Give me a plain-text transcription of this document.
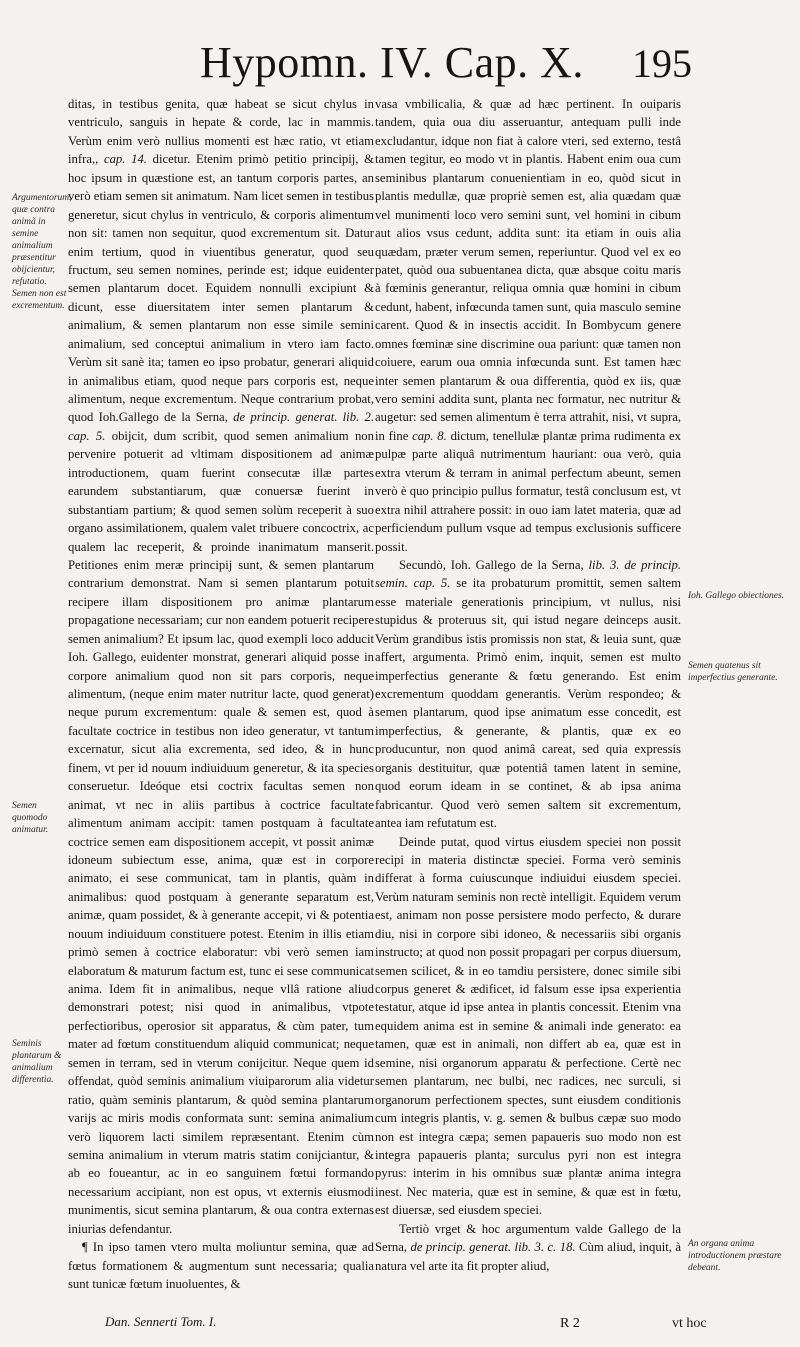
Hypomn. IV. Cap. X. 195

ditas, in testibus genita, quæ habeat se sicut chylus in ventriculo, sanguis in hepate & corde, lac in mammis. Verùm enim verò nullius momenti est hæc ratio, vt etiam infra,, cap. 14. dicetur. Etenim primò petitio principij, & hoc ipsum in quæstione est, an tantum corporis partes, an verò etiam semen sit animatum. Nam licet semen in testibus generetur, sicut chylus in ventriculo, & corporis alimentum non sit: tamen non sequitur, quod excrementum sit. Datur enim tertium, quod in viuentibus generatur, quod seu fructum, seu semen nomines, perinde est; idque euidenter semen plantarum docet. Equidem nonnulli excipiunt & dicunt, esse diuersitatem inter semen plantarum & animalium, & semen plantarum non esse simile semini animalium, sed conceptui animalium in vtero iam facto. Verùm sit sanè ita; tamen eo ipso probatur, generari aliquid in animalibus etiam, quod neque pars corporis est, neque alimentum, neque excrementum. Neque contrarium probat, quod Ioh.Gallego de la Serna, de princip. generat. lib. 2. cap. 5. obijcit, dum scribit, quod semen animalium non pervenire potuerit ad vltimam dispositionem ad animæ introductionem, quam fuerint consecutæ illæ partes earundem substantiarum, quæ conuersæ fuerint in substantiam partium; & quod semen solùm receperit à suo organo assimilationem, qualem valet tribuere concoctrix, ac qualem lac receperit, & proinde inanimatum manserit. Petitiones enim meræ principij sunt, & semen plantarum contrarium demonstrat. Nam si semen plantarum potuit recipere illam dispositionem pro animæ plantarum propagatione necessariam; cur non eandem potuerit recipere semen animalium? Et ipsum lac, quod exempli loco adducit Ioh. Gallego, euidenter monstrat, generari aliquid posse in corpore animalium quod non sit pars corporis, neque alimentum, (neque enim mater nutritur lacte, quod generat) neque purum excrementum: quale & semen est, quod à facultate coctrice in testibus non ideo generatur, vt tantum excernatur, sicut alia excrementa, sed ideo, & in hunc finem, vt per id nouum indiuiduum generetur, & ita species conseruetur. Ideóque etsi coctrix facultas semen non animat, vt nec in aliis partibus à coctrice facultate alimentum animam accipit: tamen postquam à facultate coctrice semen eam dispositionem accepit, vt possit animæ idoneum subiectum esse, anima, quæ est in corpore animato, ei sese communicat, tam in plantis, quàm in animalibus: quod postquam à generante separatum est, animæ, quam possidet, & à generante accepit, vi & potentia nouum indiuiduum constituere potest. Etenim in illis etiam primò semen à coctrice elaboratur: vbi verò semen iam elaboratum & maturum factum est, tunc ei sese communicat anima. Idem fit in animalibus, neque vllâ ratione aliud demonstrari potest; nisi quod in animalibus, vtpote perfectioribus, operosior sit apparatus, & cùm pater, tum mater ad fœtum constituendum aliquid communicat; neque semen in terram, sed in vterum conijcitur. Neque quem id offendat, quòd seminis animalium viuiparorum alia videtur ratio, quàm seminis plantarum, & quòd semina plantarum varijs ac miris modis conformata sunt: semina animalium verò liquorem lacti similem repræsentant. Etenim cùm semina animalium in vterum matris statim conijciantur, & ab eo foueantur, ac in eo sanguinem fœtui formando necessarium accipiant, non est opus, vt externis eiusmodi munimentis, sicut semina plantarum, & oua contra externas iniurias defendantur.

¶ In ipso tamen vtero multa moliuntur semina, quæ ad fœtus formationem & augmentum sunt necessaria; qualia sunt tunicæ fœtum inuoluentes, &

vasa vmbilicalia, & quæ ad hæc pertinent. In ouiparis tandem, quia oua diu asseruantur, antequam pulli inde excludantur, idque non fiat à calore vteri, sed externo, testâ tamen tegitur, eo modo vt in plantis. Habent enim oua cum seminibus plantarum conuenientiam in eo, quòd sicut in plantis medullæ, quæ propriè semen est, alia quædam quæ vel munimenti loco vero semini sunt, vel homini in cibum aut alios vsus cedunt, addita sunt: ita etiam in ouis alia quædam, præter verum semen, reperiuntur. Quod vel ex eo patet, quòd oua subuentanea dicta, quæ absque coitu maris à fœminis generantur, reliqua omnia quæ homini in cibum cedunt, habent, infœcunda tamen sunt, quia masculo semine carent. Quod & in insectis accidit. In Bombycum genere omnes fœminæ sine discrimine oua pariunt: quæ tamen non coiuere, earum oua omnia infœcunda sunt. Est tamen hæc inter semen plantarum & oua differentia, quòd ex iis, quæ vero semini addita sunt, planta nec formatur, nec nutritur & augetur: sed semen alimentum è terra attrahit, nisi, vt supra, in fine cap. 8. dictum, tenellulæ plantæ prima rudimenta ex pulpæ parte aliquâ nutrimentum hauriant: oua verò, quia extra vterum & terram in animal perfectum abeunt, semen verò è quo principio pullus formatur, testâ conclusum est, vt extra nihil attrahere possit: in ouo iam latet materia, quæ ad perficiendum pullum vsque ad tempus exclusionis sufficere possit.

Secundò, Ioh. Gallego de la Serna, lib. 3. de princip. semin. cap. 5. se ita probaturum promittit, semen saltem esse materiale generationis principium, vt nullus, nisi stupidus & proteruus sit, qui istud negare deinceps ausit. Verùm grandibus istis promissis non stat, & leuia sunt, quæ affert, argumenta. Primò enim, inquit, semen est multo imperfectius generante & fœtu generando. Est enim excrementum quoddam generantis. Verùm respondeo; & semen plantarum, quod ipse animatum esse concedit, est imperfectius, & generante, & plantis, quæ ex eo producuntur, non quod animâ careat, sed quia expressis organis destituitur, quæ potentiâ tamen latent in semine, quod eorum ideam in se continet, & ab ipsa anima fabricantur. Quod verò semen saltem sit excrementum, antea iam refutatum est.

Deinde putat, quod virtus eiusdem speciei non possit recipi in materia distinctæ speciei. Forma verò seminis differat à forma cuiuscunque indiuidui eiusdem speciei. Verùm naturam seminis non rectè intelligit. Equidem verum est, animam non posse persistere modo perfecto, & durare diu, nisi in corpore sibi idoneo, & necessariis sibi organis instructo; at quod non possit propagari per corpus diuersum, semen scilicet, & in eo tamdiu persistere, donec simile sibi corpus generet & ædificet, id falsum esse ipsa experientia testatur, atque id ipse antea in plantis concessit. Etenim vna equidem anima est in semine & animali inde generato: ea tamen, quæ est in animali, non differt ab ea, quæ est in semine, nisi organorum apparatu & perfectione. Certè nec semen plantarum, nec bulbi, nec radices, nec surculi, si organorum perfectionem spectes, sunt eiusdem conditionis cum integris plantis, v. g. semen & bulbus cæpæ suo modo non est integra cæpa; semen papaueris suo modo non est integra papaueris planta; surculus pyri non est integra pyrus: interim in his omnibus suæ plantæ anima integra inest. Nec materia, quæ est in semine, & quæ est in fœtu, est diuersæ, sed eiusdem speciei.

Tertiò vrget & hoc argumentum valde Gallego de la Serna, de princip. generat. lib. 3. c. 18. Cùm aliud, inquit, à natura vel arte ita fit propter aliud,

Argumentorum, quæ contra animã in semine animalium præsentitur obijcientur, refutatio. Semen non est excrementum.
Semen quomodo animatur.
Seminis plantarum & animalium differentia.
Ioh. Gallego obiectiones.
Semen quatenus sit imperfectius generante.
An organa anima introductionem præstare debeant.
Dan. Sennerti Tom. I.	R 2	vt hoc
